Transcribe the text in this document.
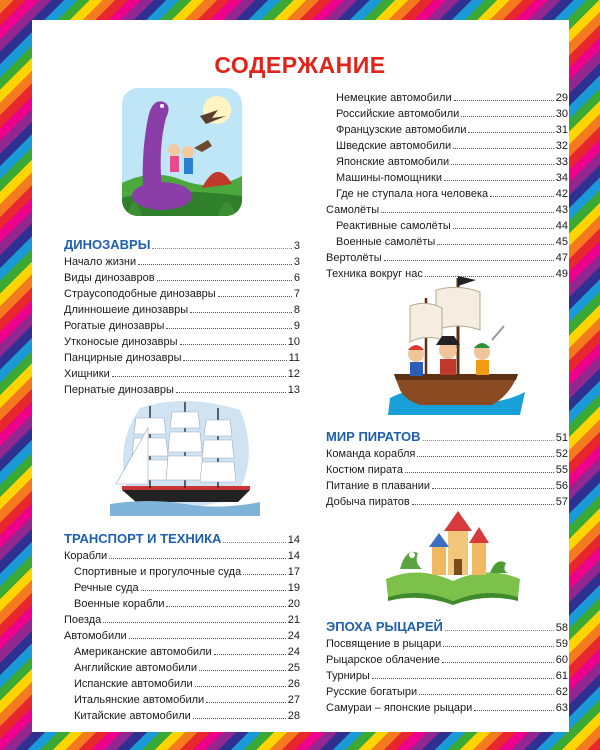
СОДЕРЖАНИЕ
ДИНОЗАВРЫ	3
Начало жизни	3
Виды динозавров	6
Страусоподобные динозавры	7
Длинношеие динозавры	8
Рогатые динозавры	9
Утконосые динозавры	10
Панцирные динозавры	11
Хищники	12
Пернатые динозавры	13
ТРАНСПОРТ И ТЕХНИКА	14
Корабли	14
Спортивные и прогулочные суда	17
Речные суда	19
Военные корабли	20
Поезда	21
Автомобили	24
Американские автомобили	24
Английские автомобили	25
Испанские автомобили	26
Итальянские автомобили	27
Китайские автомобили	28
Немецкие автомобили	29
Российские автомобили	30
Французские автомобили	31
Шведские автомобили	32
Японские автомобили	33
Машины-помощники	34
Где не ступала нога человека	42
Самолёты	43
Реактивные самолёты	44
Военные самолёты	45
Вертолёты	47
Техника вокруг нас	49
МИР ПИРАТОВ	51
Команда корабля	52
Костюм пирата	55
Питание в плавании	56
Добыча пиратов	57
ЭПОХА РЫЦАРЕЙ	58
Посвящение в рыцари	59
Рыцарское облачение	60
Турниры	61
Русские богатыри	62
Самураи – японские рыцари	63
